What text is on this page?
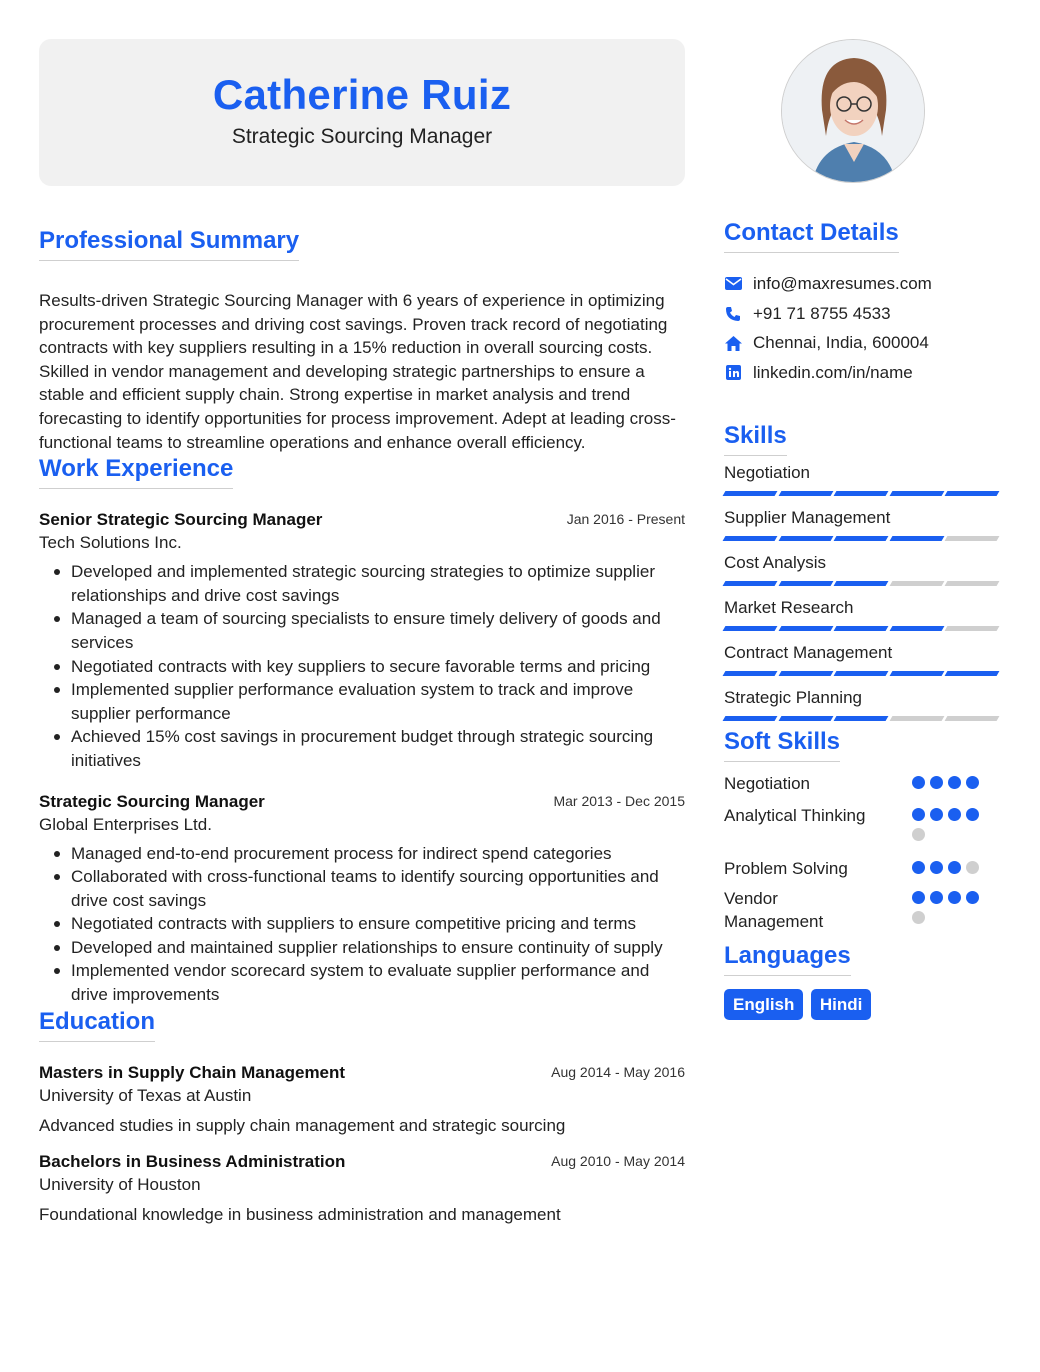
Catherine Ruiz
Strategic Sourcing Manager
Professional Summary

Results-driven Strategic Sourcing Manager with 6 years of experience in optimizing procurement processes and driving cost savings. Proven track record of negotiating contracts with key suppliers resulting in a 15% reduction in overall sourcing costs. Skilled in vendor management and developing strategic partnerships to ensure a stable and efficient supply chain. Strong expertise in market analysis and trend forecasting to identify opportunities for process improvement. Adept at leading cross-functional teams to streamline operations and enhance overall efficiency.

Work Experience
Senior Strategic Sourcing Manager	Jan 2016 - Present
Tech Solutions Inc.
Developed and implemented strategic sourcing strategies to optimize supplier relationships and drive cost savings
Managed a team of sourcing specialists to ensure timely delivery of goods and services
Negotiated contracts with key suppliers to secure favorable terms and pricing
Implemented supplier performance evaluation system to track and improve supplier performance
Achieved 15% cost savings in procurement budget through strategic sourcing initiatives
Strategic Sourcing Manager	Mar 2013 - Dec 2015
Global Enterprises Ltd.
Managed end-to-end procurement process for indirect spend categories
Collaborated with cross-functional teams to identify sourcing opportunities and drive cost savings
Negotiated contracts with suppliers to ensure competitive pricing and terms
Developed and maintained supplier relationships to ensure continuity of supply
Implemented vendor scorecard system to evaluate supplier performance and drive improvements
Education
Masters in Supply Chain Management	Aug 2014 - May 2016
University of Texas at Austin
Advanced studies in supply chain management and strategic sourcing
Bachelors in Business Administration	Aug 2010 - May 2014
University of Houston
Foundational knowledge in business administration and management
Contact Details
info@maxresumes.com
+91 71 8755 4533
Chennai, India, 600004
linkedin.com/in/name
Skills
Negotiation
Supplier Management
Cost Analysis
Market Research
Contract Management
Strategic Planning
Soft Skills
Negotiation
Analytical Thinking
Problem Solving
Vendor Management
Languages
English Hindi
